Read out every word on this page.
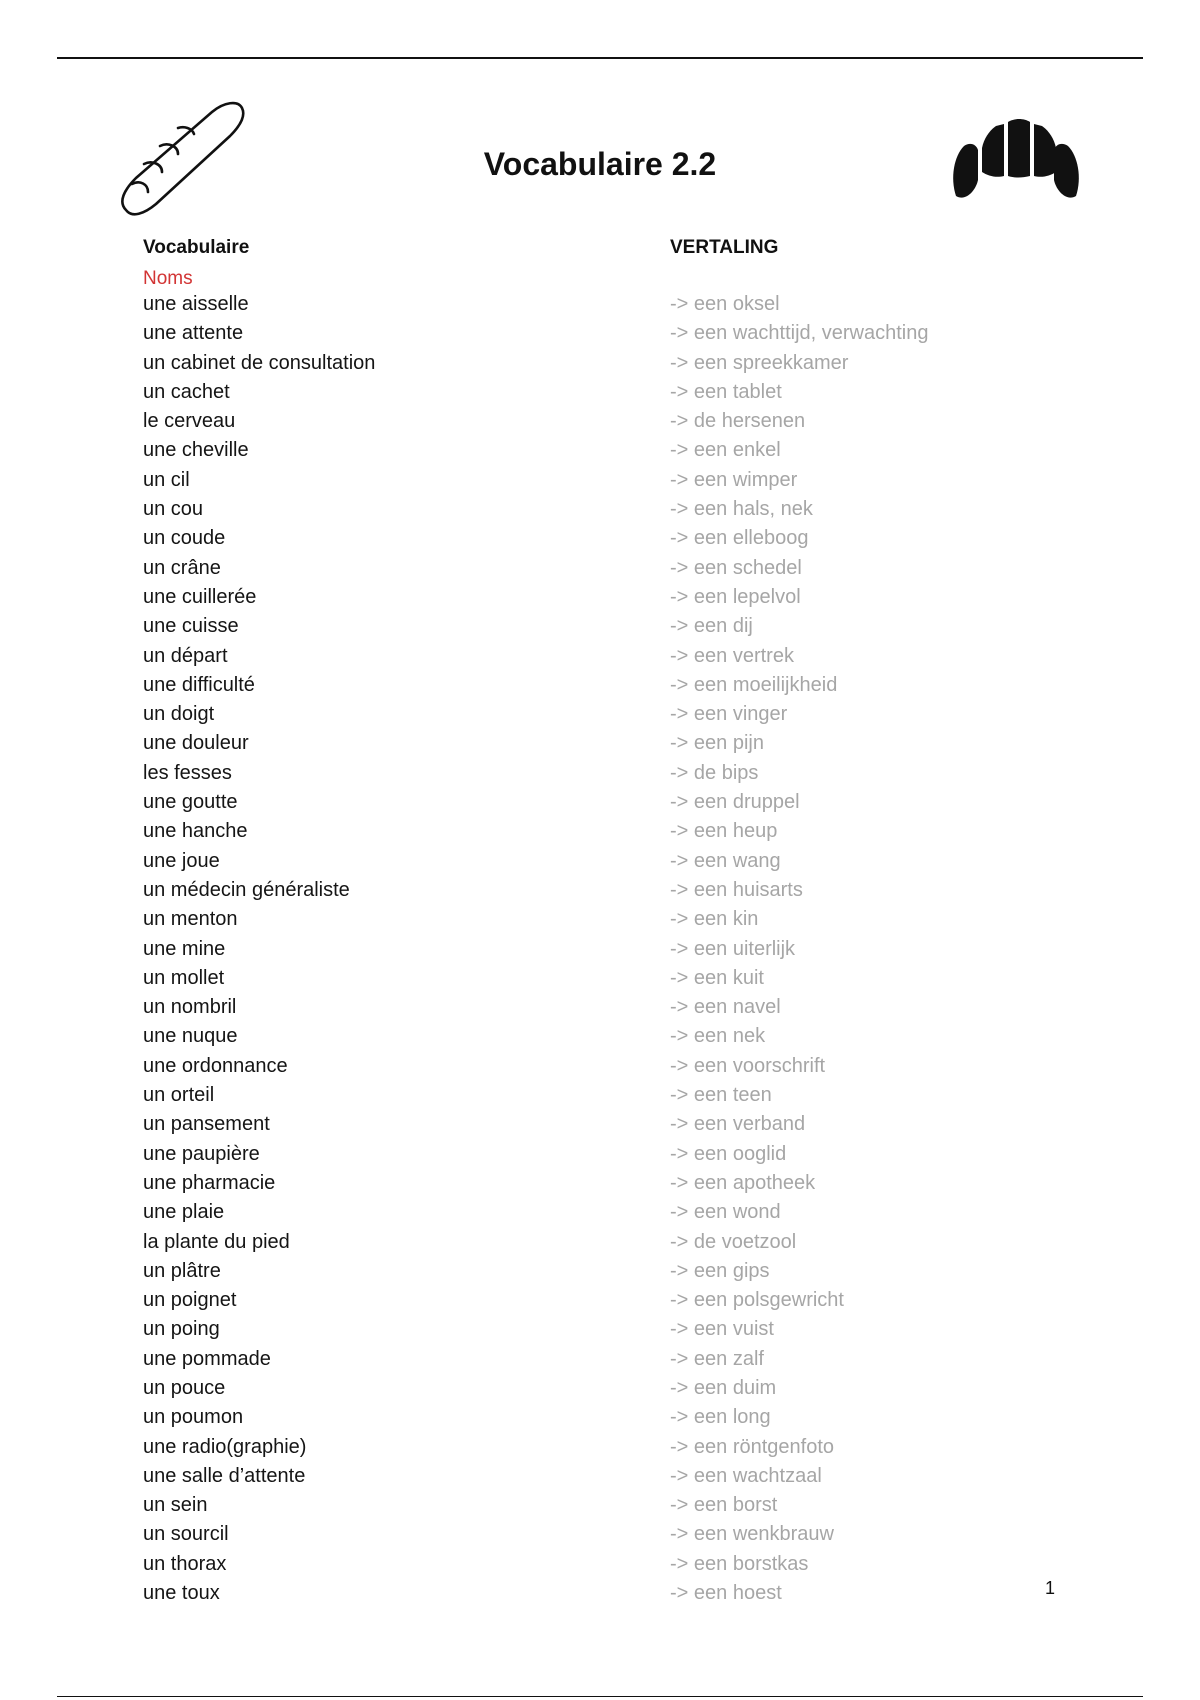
Vocabulaire 2.2
Vocabulaire	VERTALING
Noms
une aisselle	-> een oksel
une attente	-> een wachttijd, verwachting
un cabinet de consultation	-> een spreekkamer
un cachet	-> een tablet
le cerveau	-> de hersenen
une cheville	-> een enkel
un cil	-> een wimper
un cou	-> een hals, nek
un coude	-> een elleboog
un crâne	-> een schedel
une cuillerée	-> een lepelvol
une cuisse	-> een dij
un départ	-> een vertrek
une difficulté	-> een moeilijkheid
un doigt	-> een vinger
une douleur	-> een pijn
les fesses	-> de bips
une goutte	-> een druppel
une hanche	-> een heup
une joue	-> een wang
un médecin généraliste	-> een huisarts
un menton	-> een kin
une mine	-> een uiterlijk
un mollet	-> een kuit
un nombril	-> een navel
une nuque	-> een nek
une ordonnance	-> een voorschrift
un orteil	-> een teen
un pansement	-> een verband
une paupière	-> een ooglid
une pharmacie	-> een apotheek
une plaie	-> een wond
la plante du pied	-> de voetzool
un plâtre	-> een gips
un poignet	-> een polsgewricht
un poing	-> een vuist
une pommade	-> een zalf
un pouce	-> een duim
un poumon	-> een long
une radio(graphie)	-> een röntgenfoto
une salle d’attente	-> een wachtzaal
un sein	-> een borst
un sourcil	-> een wenkbrauw
un thorax	-> een borstkas
une toux	-> een hoest	1
